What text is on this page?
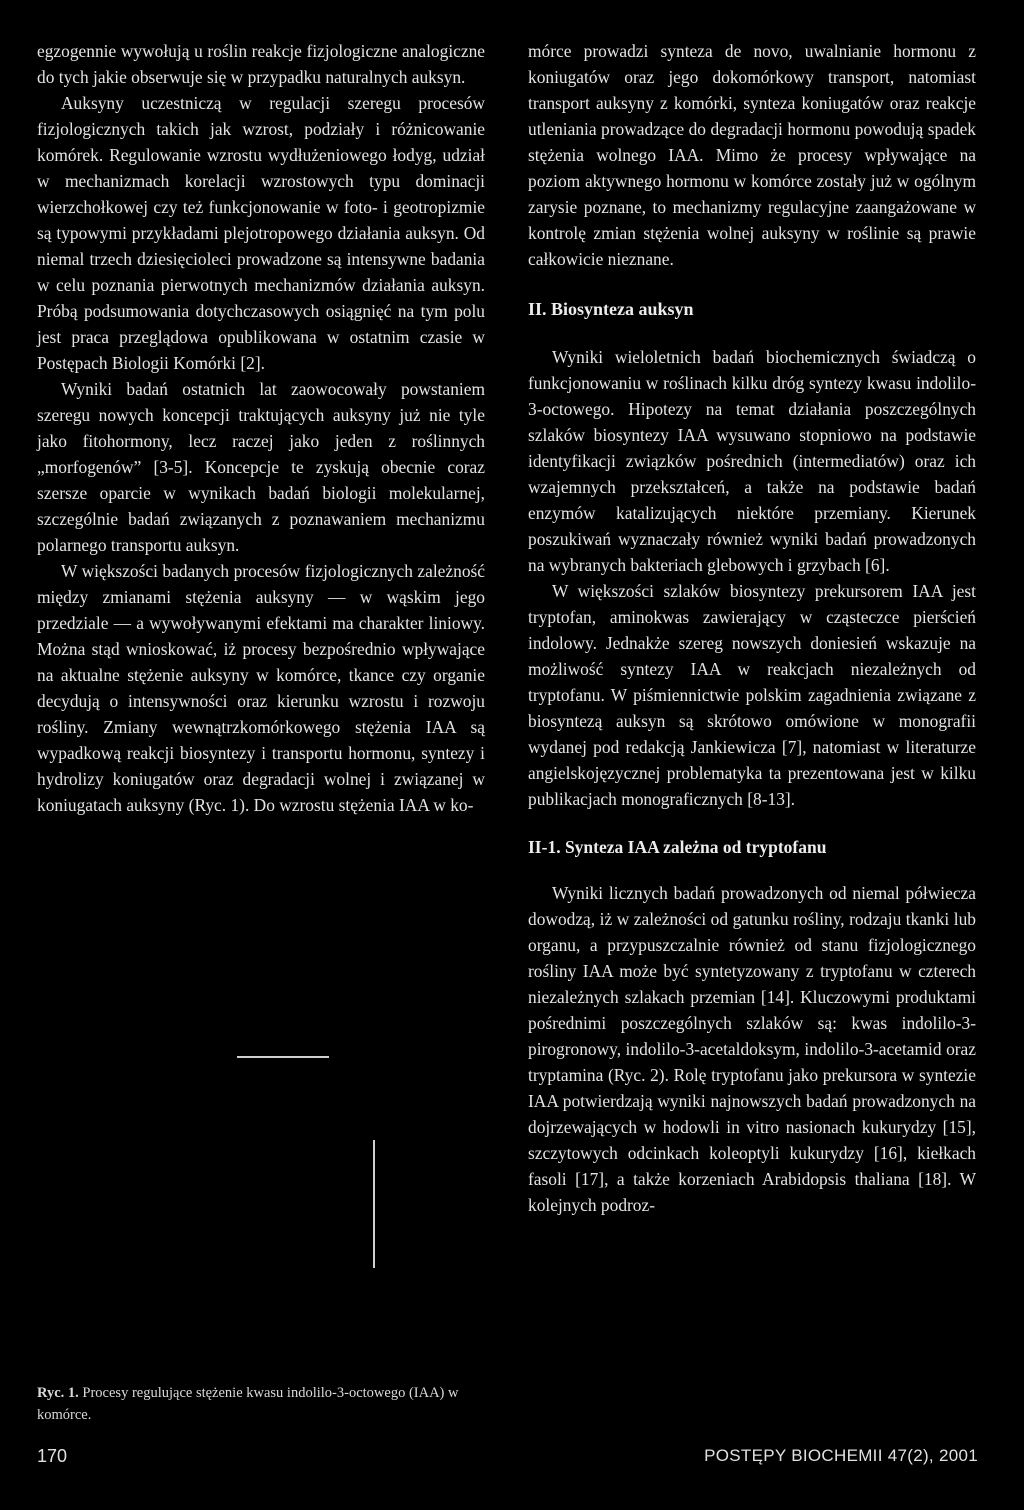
egzogennie wywołują u roślin reakcje fizjologiczne analogiczne do tych jakie obserwuje się w przypadku naturalnych auksyn.

Auksyny uczestniczą w regulacji szeregu procesów fizjologicznych takich jak wzrost, podziały i różnicowanie komórek. Regulowanie wzrostu wydłużeniowego łodyg, udział w mechanizmach korelacji wzrostowych typu dominacji wierzchołkowej czy też funkcjonowanie w foto- i geotropizmie są typowymi przykładami plejotropowego działania auksyn. Od niemal trzech dziesięcioleci prowadzone są intensywne badania w celu poznania pierwotnych mechanizmów działania auksyn. Próbą podsumowania dotychczasowych osiągnięć na tym polu jest praca przeglądowa opublikowana w ostatnim czasie w Postępach Biologii Komórki [2].

Wyniki badań ostatnich lat zaowocowały powstaniem szeregu nowych koncepcji traktujących auksyny już nie tyle jako fitohormony, lecz raczej jako jeden z roślinnych „morfogenów” [3-5]. Koncepcje te zyskują obecnie coraz szersze oparcie w wynikach badań biologii molekularnej, szczególnie badań związanych z poznawaniem mechanizmu polarnego transportu auksyn.

W większości badanych procesów fizjologicznych zależność między zmianami stężenia auksyny — w wąskim jego przedziale — a wywoływanymi efektami ma charakter liniowy. Można stąd wnioskować, iż procesy bezpośrednio wpływające na aktualne stężenie auksyny w komórce, tkance czy organie decydują o intensywności oraz kierunku wzrostu i rozwoju rośliny. Zmiany wewnątrzkomórkowego stężenia IAA są wypadkową reakcji biosyntezy i transportu hormonu, syntezy i hydrolizy koniugatów oraz degradacji wolnej i związanej w koniugatach auksyny (Ryc. 1). Do wzrostu stężenia IAA w ko-

mórce prowadzi synteza de novo, uwalnianie hormonu z koniugatów oraz jego dokomórkowy transport, natomiast transport auksyny z komórki, synteza koniugatów oraz reakcje utleniania prowadzące do degradacji hormonu powodują spadek stężenia wolnego IAA. Mimo że procesy wpływające na poziom aktywnego hormonu w komórce zostały już w ogólnym zarysie poznane, to mechanizmy regulacyjne zaangażowane w kontrolę zmian stężenia wolnej auksyny w roślinie są prawie całkowicie nieznane.

II. Biosynteza auksyn

Wyniki wieloletnich badań biochemicznych świadczą o funkcjonowaniu w roślinach kilku dróg syntezy kwasu indolilo-3-octowego. Hipotezy na temat działania poszczególnych szlaków biosyntezy IAA wysuwano stopniowo na podstawie identyfikacji związków pośrednich (intermediatów) oraz ich wzajemnych przekształceń, a także na podstawie badań enzymów katalizujących niektóre przemiany. Kierunek poszukiwań wyznaczały również wyniki badań prowadzonych na wybranych bakteriach glebowych i grzybach [6].

W większości szlaków biosyntezy prekursorem IAA jest tryptofan, aminokwas zawierający w cząsteczce pierścień indolowy. Jednakże szereg nowszych doniesień wskazuje na możliwość syntezy IAA w reakcjach niezależnych od tryptofanu. W piśmiennictwie polskim zagadnienia związane z biosyntezą auksyn są skrótowo omówione w monografii wydanej pod redakcją Jankiewicza [7], natomiast w literaturze angielskojęzycznej problematyka ta prezentowana jest w kilku publikacjach monograficznych [8-13].

II-1. Synteza IAA zależna od tryptofanu

Wyniki licznych badań prowadzonych od niemal półwiecza dowodzą, iż w zależności od gatunku rośliny, rodzaju tkanki lub organu, a przypuszczalnie również od stanu fizjologicznego rośliny IAA może być syntetyzowany z tryptofanu w czterech niezależnych szlakach przemian [14]. Kluczowymi produktami pośrednimi poszczególnych szlaków są: kwas indolilo-3-pirogronowy, indolilo-3-acetaldoksym, indolilo-3-acetamid oraz tryptamina (Ryc. 2). Rolę tryptofanu jako prekursora w syntezie IAA potwierdzają wyniki najnowszych badań prowadzonych na dojrzewających w hodowli in vitro nasionach kukurydzy [15], szczytowych odcinkach koleoptyli kukurydzy [16], kiełkach fasoli [17], a także korzeniach Arabidopsis thaliana [18]. W kolejnych podroz-

Ryc. 1. Procesy regulujące stężenie kwasu indolilo-3-octowego (IAA) w komórce.
170	POSTĘPY BIOCHEMII 47(2), 2001
